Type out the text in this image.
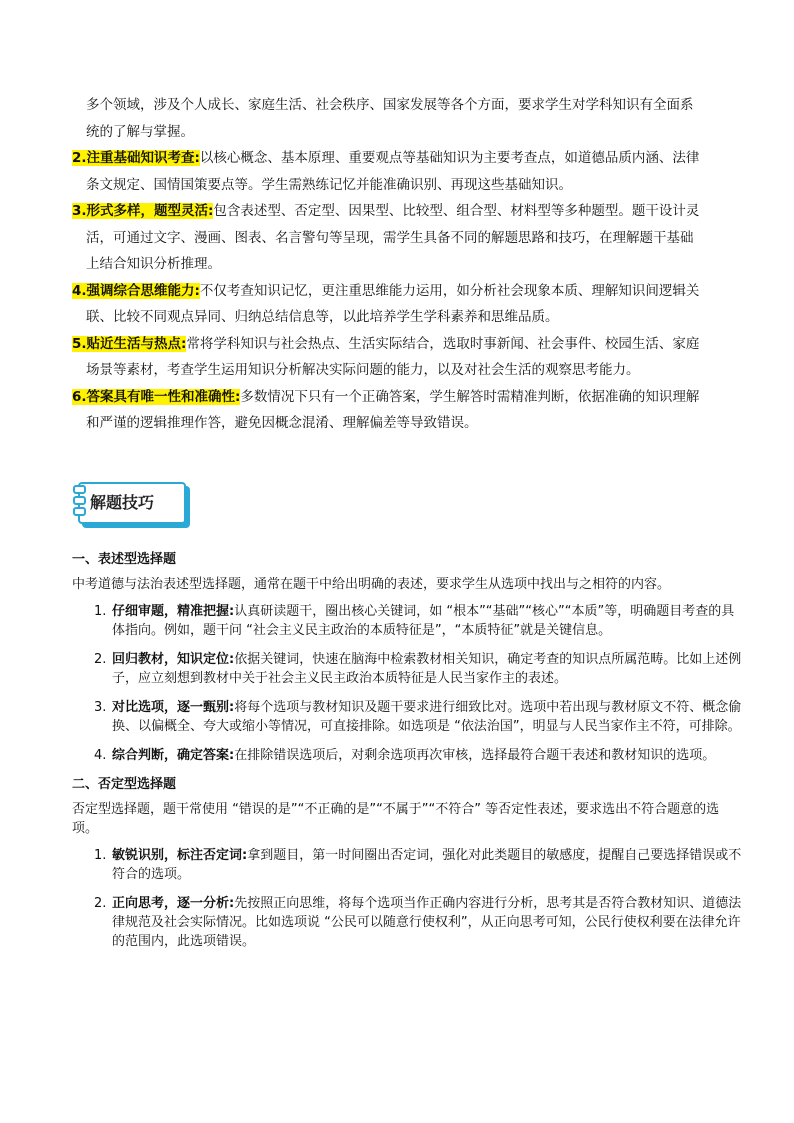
多个领域，涉及个人成长、家庭生活、社会秩序、国家发展等各个方面，要求学生对学科知识有全面系

统的了解与掌握。

2.注重基础知识考查:以核心概念、基本原理、重要观点等基础知识为主要考查点，如道德品质内涵、法律
条文规定、国情国策要点等。学生需熟练记忆并能准确识别、再现这些基础知识。
3.形式多样，题型灵活:包含表述型、否定型、因果型、比较型、组合型、材料型等多种题型。题干设计灵
活，可通过文字、漫画、图表、名言警句等呈现，需学生具备不同的解题思路和技巧，在理解题干基础
上结合知识分析推理。
4.强调综合思维能力:不仅考查知识记忆，更注重思维能力运用，如分析社会现象本质、理解知识间逻辑关
联、比较不同观点异同、归纳总结信息等，以此培养学生学科素养和思维品质。
5.贴近生活与热点:常将学科知识与社会热点、生活实际结合，选取时事新闻、社会事件、校园生活、家庭
场景等素材，考查学生运用知识分析解决实际问题的能力，以及对社会生活的观察思考能力。
6.答案具有唯一性和准确性:多数情况下只有一个正确答案，学生解答时需精准判断，依据准确的知识理解
和严谨的逻辑推理作答，避免因概念混淆、理解偏差等导致错误。
解题技巧

一、表述型选择题

中考道德与法治表述型选择题，通常在题干中给出明确的表述，要求学生从选项中找出与之相符的内容。

1. 仔细审题，精准把握:认真研读题干，圈出核心关键词，如 “根本”“基础”“核心”“本质”等，明确题目考查的具体指向。例如，题干问 “社会主义民主政治的本质特征是”，“本质特征”就是关键信息。
2. 回归教材，知识定位:依据关键词，快速在脑海中检索教材相关知识，确定考查的知识点所属范畴。比如上述例子，应立刻想到教材中关于社会主义民主政治本质特征是人民当家作主的表述。
3. 对比选项，逐一甄别:将每个选项与教材知识及题干要求进行细致比对。选项中若出现与教材原文不符、概念偷换、以偏概全、夸大或缩小等情况，可直接排除。如选项是 “依法治国”，明显与人民当家作主不符，可排除。
4. 综合判断，确定答案:在排除错误选项后，对剩余选项再次审核，选择最符合题干表述和教材知识的选项。

二、否定型选择题

否定型选择题，题干常使用 “错误的是”“不正确的是”“不属于”“不符合” 等否定性表述，要求选出不符合题意的选项。

1. 敏锐识别，标注否定词:拿到题目，第一时间圈出否定词，强化对此类题目的敏感度，提醒自己要选择错误或不符合的选项。
2. 正向思考，逐一分析:先按照正向思维，将每个选项当作正确内容进行分析，思考其是否符合教材知识、道德法律规范及社会实际情况。比如选项说 “公民可以随意行使权利”，从正向思考可知，公民行使权利要在法律允许的范围内，此选项错误。
